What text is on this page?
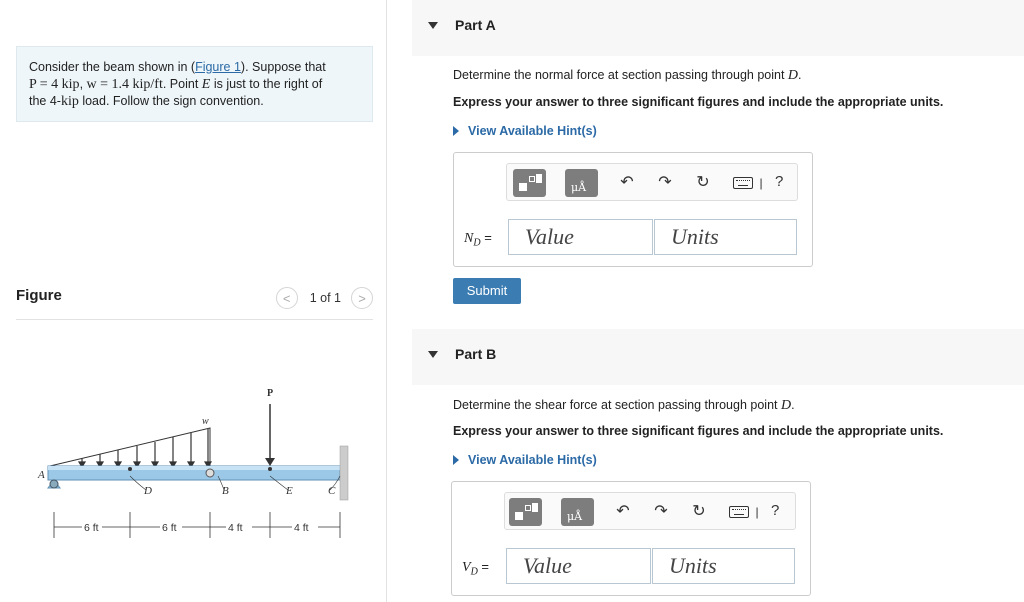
Consider the beam shown in (Figure 1). Suppose that
P = 4 kip, w = 1.4 kip/ft. Point E is just to the right of
the 4-kip load. Follow the sign convention.
Figure	<	1 of 1	>
w
A
P
D	B	E	C
6 ft	6 ft	4 ft	4 ft
Part A
Determine the normal force at section passing through point D.
Express your answer to three significant figures and include the appropriate units.
View Available Hint(s)
μÅ ↶ ↷ ↻	| ?
$N_D$ =	Value	Units
Submit
Part B
Determine the shear force at section passing through point D.
Express your answer to three significant figures and include the appropriate units.
View Available Hint(s)
μÅ ↶ ↷ ↻	| ?
$V_D$ =	Value	Units
